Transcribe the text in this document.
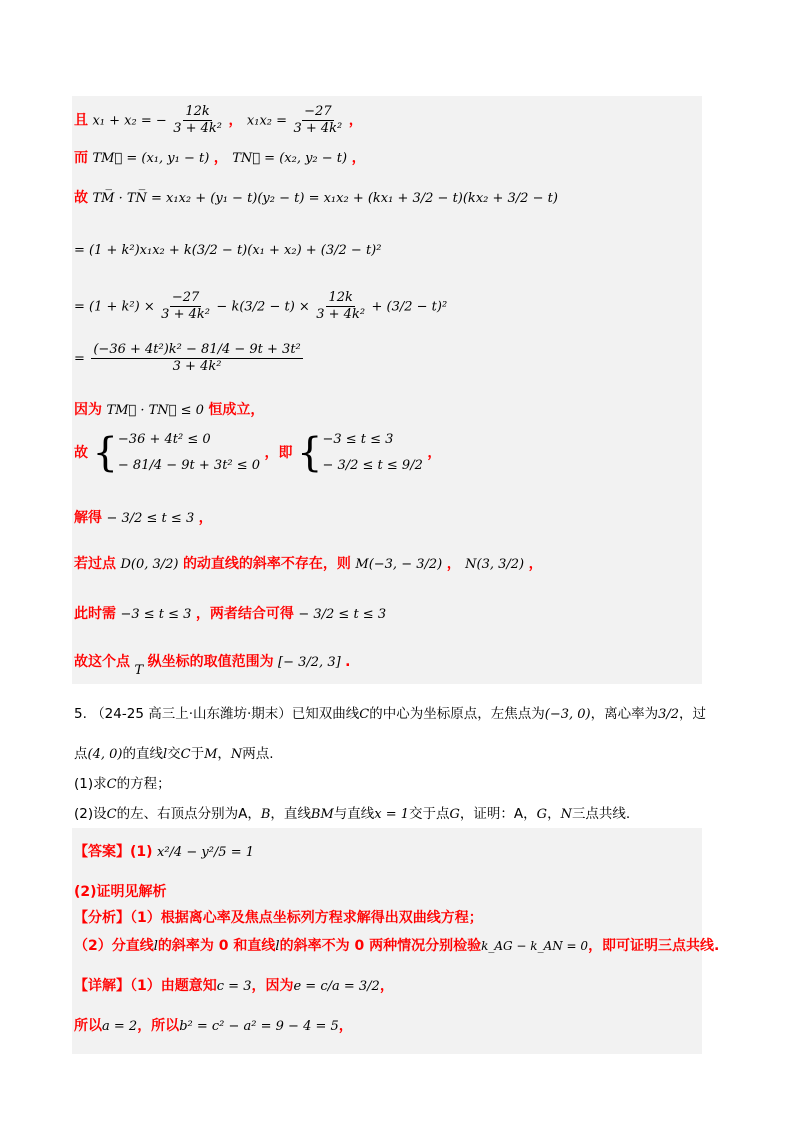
且 x₁ + x₂ = − $\frac{12k}{\text{3 + 4k²}}$ ， $x_1x_2 = \frac{-27}{\text{3 + 4k²}}$ ，
而 TM⃗ = (x₁, y₁ − t) ， TN⃗ = (x₂, y₂ − t) ，
故 TM̅ · TN̅ = x₁x₂ + (y₁ − t)(y₂ − t) = x₁x₂ + (kx₁ + 3/2 − t)(kx₂ + 3/2 − t)
= (1 + k²)x₁x₂ + k(3/2 − t)(x₁ + x₂) + (3/2 − t)²
= $(1 + k^2) \times \frac{-27}{\text{3 + 4k²}} - k(3/2 - t) \times \frac{12k}{\text{3 + 4k²}} + (3/2 - t)^2$
= $\frac{\text{(−36 + 4t²)k² − 81/4 − 9t + 3t²}}{\text{3 + 4k²}}$
因为 TM⃗ · TN⃗ ≤ 0 恒成立，
故 { −36 + 4t² ≤ 0
− 81/4 − 9t + 3t² ≤ 0
，即 { −3 ≤ t ≤ 3
− 3/2 ≤ t ≤ 9/2
，
解得 − 3/2 ≤ t ≤ 3 ，
若过点 D(0, 3/2) 的动直线的斜率不存在，则 M(−3, − 3/2) ， N(3, 3/2) ，
此时需 −3 ≤ t ≤ 3 ，两者结合可得 − 3/2 ≤ t ≤ 3
故这个点 T 纵坐标的取值范围为 [− 3/2, 3] .
5. （24-25 高三上·山东潍坊·期末）已知双曲线C的中心为坐标原点，左焦点为(−3, 0)，离心率为3/2，过
点(4, 0)的直线l交C于M，N两点.
(1)求C的方程；
(2)设C的左、右顶点分别为A，B，直线BM与直线x = 1交于点G，证明：A，G，N三点共线.
【答案】(1) x²/4 − y²/5 = 1
(2)证明见解析
【分析】（1）根据离心率及焦点坐标列方程求解得出双曲线方程；
（2）分直线l的斜率为 0 和直线l的斜率不为 0 两种情况分别检验k_AG − k_AN = 0，即可证明三点共线.
【详解】（1）由题意知c = 3，因为e = c/a = 3/2，
所以a = 2，所以b² = c² − a² = 9 − 4 = 5，
